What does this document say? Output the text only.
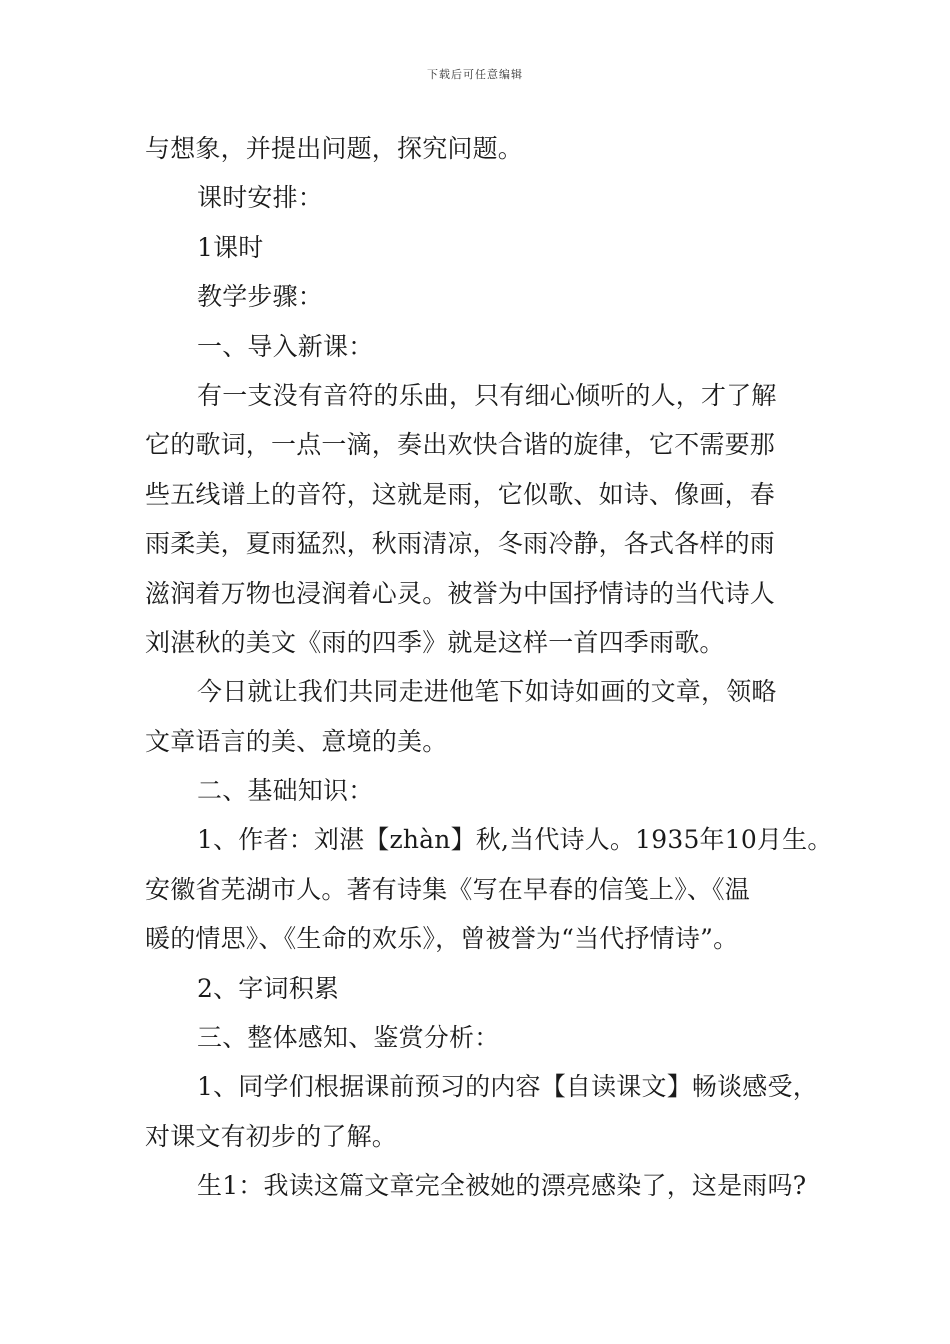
下载后可任意编辑
与想象，并提出问题，探究问题。
课时安排：
1课时
教学步骤：
一、导入新课：
有一支没有音符的乐曲，只有细心倾听的人，才了解
它的歌词，一点一滴，奏出欢快合谐的旋律，它不需要那
些五线谱上的音符，这就是雨，它似歌、如诗、像画，春
雨柔美，夏雨猛烈，秋雨清凉，冬雨冷静，各式各样的雨
滋润着万物也浸润着心灵。被誉为中国抒情诗的当代诗人
刘湛秋的美文《雨的四季》就是这样一首四季雨歌。
今日就让我们共同走进他笔下如诗如画的文章，领略
文章语言的美、意境的美。
二、基础知识：
1、作者：刘湛【zhàn】秋,当代诗人。1935年10月生。
安徽省芜湖市人。著有诗集《写在早春的信笺上》、《温
暖的情思》、《生命的欢乐》，曾被誉为“当代抒情诗”。
2、字词积累
三、整体感知、鉴赏分析：
1、同学们根据课前预习的内容【自读课文】畅谈感受，
对课文有初步的了解。
生1：我读这篇文章完全被她的漂亮感染了，这是雨吗?
